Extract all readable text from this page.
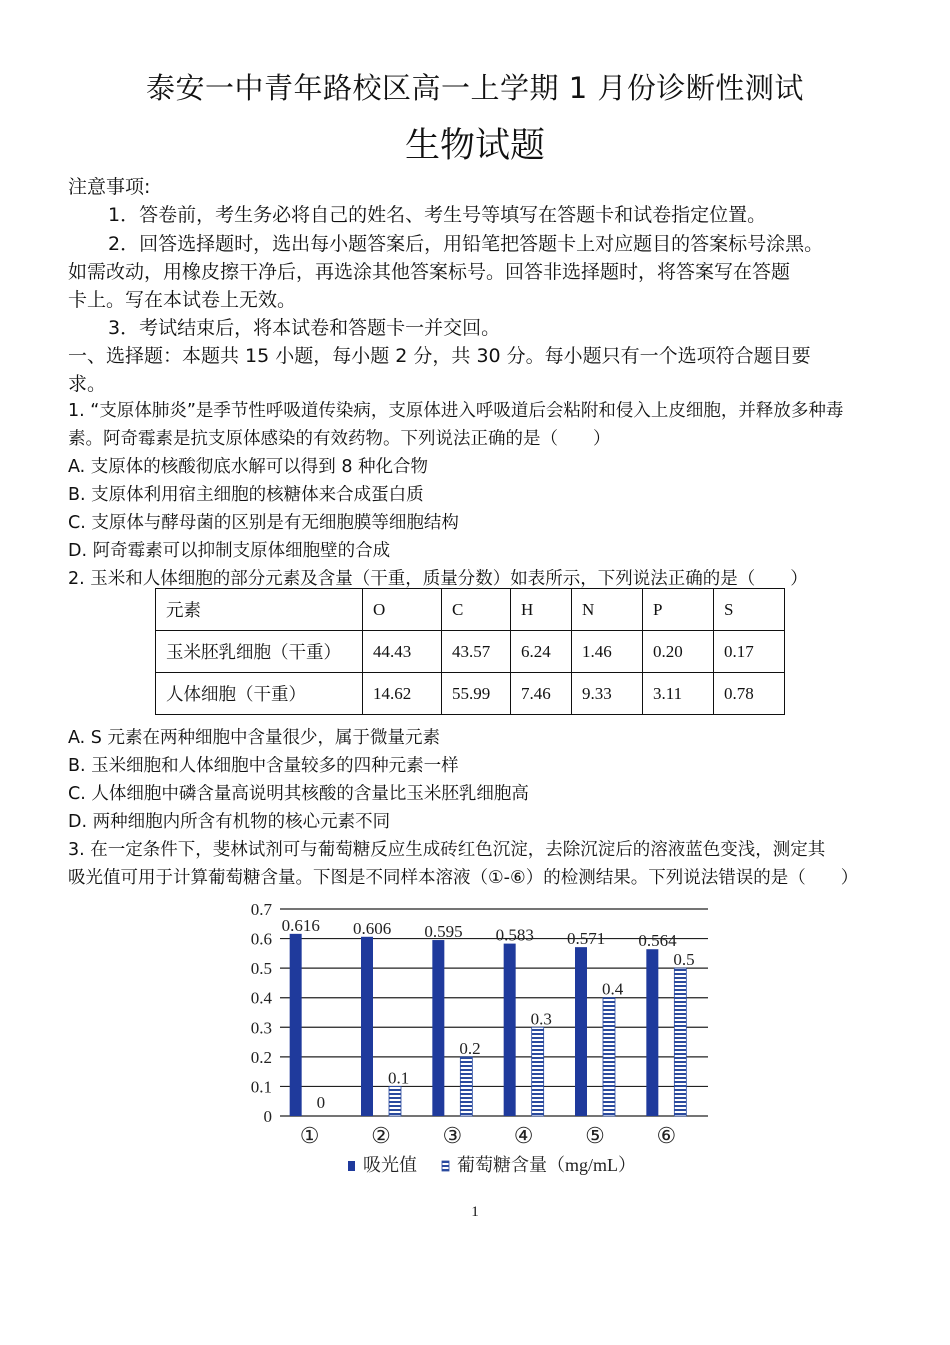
泰安一中青年路校区高一上学期 1 月份诊断性测试
生物试题
注意事项:
1．答卷前，考生务必将自己的姓名、考生号等填写在答题卡和试卷指定位置。
2．回答选择题时，选出每小题答案后，用铅笔把答题卡上对应题目的答案标号涂黑。
如需改动，用橡皮擦干净后，再选涂其他答案标号。回答非选择题时，将答案写在答题
卡上。写在本试卷上无效。
3．考试结束后，将本试卷和答题卡一并交回。
一、选择题：本题共 15 小题，每小题 2 分，共 30 分。每小题只有一个选项符合题目要
求。
1. “支原体肺炎”是季节性呼吸道传染病，支原体进入呼吸道后会粘附和侵入上皮细胞，并释放多种毒
素。阿奇霉素是抗支原体感染的有效药物。下列说法正确的是（　　）
A. 支原体的核酸彻底水解可以得到 8 种化合物
B. 支原体利用宿主细胞的核糖体来合成蛋白质
C. 支原体与酵母菌的区别是有无细胞膜等细胞结构
D. 阿奇霉素可以抑制支原体细胞壁的合成
2. 玉米和人体细胞的部分元素及含量（干重，质量分数）如表所示，下列说法正确的是（　　）
元素	O	C	H	N	P	S
玉米胚乳细胞（干重）	44.43	43.57	6.24	1.46	0.20	0.17
人体细胞（干重）	14.62	55.99	7.46	9.33	3.11	0.78
A. S 元素在两种细胞中含量很少，属于微量元素
B. 玉米细胞和人体细胞中含量较多的四种元素一样
C. 人体细胞中磷含量高说明其核酸的含量比玉米胚乳细胞高
D. 两种细胞内所含有机物的核心元素不同
3. 在一定条件下，斐林试剂可与葡萄糖反应生成砖红色沉淀，去除沉淀后的溶液蓝色变浅，测定其
吸光值可用于计算葡萄糖含量。下图是不同样本溶液（①-⑥）的检测结果。下列说法错误的是（　　）
0
0.1
0.2
0.3
0.4
0.5
0.6
0.7
0.616
0
①
0.606
0.1
②
0.595
0.2
③
0.583
0.3
④
0.571
0.4
⑤
0.564
0.5
⑥
吸光值 葡萄糖含量（mg/mL）
1
